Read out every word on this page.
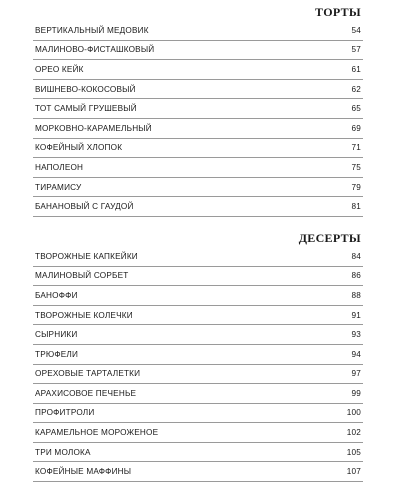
ТОРТЫ
ВЕРТИКАЛЬНЫЙ МЕДОВИК	54
МАЛИНОВО-ФИСТАШКОВЫЙ	57
ОРЕО КЕЙК	61
ВИШНЕВО-КОКОСОВЫЙ	62
ТОТ САМЫЙ ГРУШЕВЫЙ	65
МОРКОВНО-КАРАМЕЛЬНЫЙ	69
КОФЕЙНЫЙ ХЛОПОК	71
НАПОЛЕОН	75
ТИРАМИСУ	79
БАНАНОВЫЙ С ГАУДОЙ	81
ДЕСЕРТЫ
ТВОРОЖНЫЕ КАПКЕЙКИ	84
МАЛИНОВЫЙ СОРБЕТ	86
БАНОФФИ	88
ТВОРОЖНЫЕ КОЛЕЧКИ	91
СЫРНИКИ	93
ТРЮФЕЛИ	94
ОРЕХОВЫЕ ТАРТАЛЕТКИ	97
АРАХИСОВОЕ ПЕЧЕНЬЕ	99
ПРОФИТРОЛИ	100
КАРАМЕЛЬНОЕ МОРОЖЕНОЕ	102
ТРИ МОЛОКА	105
КОФЕЙНЫЕ МАФФИНЫ	107
